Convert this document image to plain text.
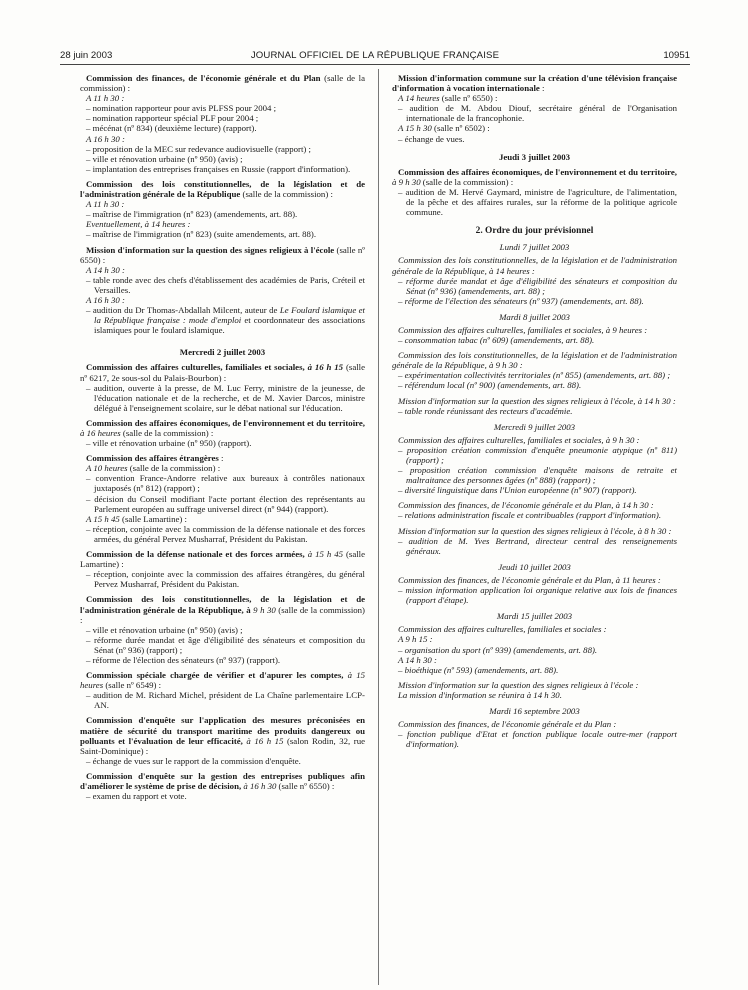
28 juin 2003	JOURNAL OFFICIEL DE LA RÉPUBLIQUE FRANÇAISE	10951
Commission des finances, de l'économie générale et du Plan (salle de la commission) :
A 11 h 30 :
– nomination rapporteur pour avis PLFSS pour 2004 ;
– nomination rapporteur spécial PLF pour 2004 ;
– mécénat (nº 834) (deuxième lecture) (rapport).
A 16 h 30 :
– proposition de la MEC sur redevance audiovisuelle (rapport) ;
– ville et rénovation urbaine (nº 950) (avis) ;
– implantation des entreprises françaises en Russie (rapport d'information).
Commission des lois constitutionnelles, de la législation et de l'administration générale de la République (salle de la commission) :
A 11 h 30 :
– maîtrise de l'immigration (nº 823) (amendements, art. 88).
Eventuellement, à 14 heures :
– maîtrise de l'immigration (nº 823) (suite amendements, art. 88).
Mission d'information sur la question des signes religieux à l'école (salle nº 6550) :
A 14 h 30 :
– table ronde avec des chefs d'établissement des académies de Paris, Créteil et Versailles.
A 16 h 30 :
– audition du Dr Thomas-Abdallah Milcent, auteur de Le Foulard islamique et la République française : mode d'emploi et coordonnateur des associations islamiques pour le foulard islamique.
Mercredi 2 juillet 2003
Commission des affaires culturelles, familiales et sociales, à 16 h 15 (salle nº 6217, 2e sous-sol du Palais-Bourbon) :
– audition, ouverte à la presse, de M. Luc Ferry, ministre de la jeunesse, de l'éducation nationale et de la recherche, et de M. Xavier Darcos, ministre délégué à l'enseignement scolaire, sur le débat national sur l'éducation.
Commission des affaires économiques, de l'environnement et du territoire, à 16 heures (salle de la commission) :
– ville et rénovation urbaine (nº 950) (rapport).
Commission des affaires étrangères :
A 10 heures (salle de la commission) :
– convention France-Andorre relative aux bureaux à contrôles nationaux juxtaposés (nº 812) (rapport) ;
– décision du Conseil modifiant l'acte portant élection des représentants au Parlement européen au suffrage universel direct (nº 944) (rapport).
A 15 h 45 (salle Lamartine) :
– réception, conjointe avec la commission de la défense nationale et des forces armées, du général Pervez Musharraf, Président du Pakistan.
Commission de la défense nationale et des forces armées, à 15 h 45 (salle Lamartine) :
– réception, conjointe avec la commission des affaires étrangères, du général Pervez Musharraf, Président du Pakistan.
Commission des lois constitutionnelles, de la législation et de l'administration générale de la République, à 9 h 30 (salle de la commission) :
– ville et rénovation urbaine (nº 950) (avis) ;
– réforme durée mandat et âge d'éligibilité des sénateurs et composition du Sénat (nº 936) (rapport) ;
– réforme de l'élection des sénateurs (nº 937) (rapport).
Commission spéciale chargée de vérifier et d'apurer les comptes, à 15 heures (salle nº 6549) :
– audition de M. Richard Michel, président de La Chaîne parlementaire LCP-AN.
Commission d'enquête sur l'application des mesures préconisées en matière de sécurité du transport maritime des produits dangereux ou polluants et l'évaluation de leur efficacité, à 16 h 15 (salon Rodin, 32, rue Saint-Dominique) :
– échange de vues sur le rapport de la commission d'enquête.
Commission d'enquête sur la gestion des entreprises publiques afin d'améliorer le système de prise de décision, à 16 h 30 (salle nº 6550) :
– examen du rapport et vote.
Mission d'information commune sur la création d'une télévision française d'information à vocation internationale :
A 14 heures (salle nº 6550) :
– audition de M. Abdou Diouf, secrétaire général de l'Organisation internationale de la francophonie.
A 15 h 30 (salle nº 6502) :
– échange de vues.
Jeudi 3 juillet 2003
Commission des affaires économiques, de l'environnement et du territoire, à 9 h 30 (salle de la commission) :
– audition de M. Hervé Gaymard, ministre de l'agriculture, de l'alimentation, de la pêche et des affaires rurales, sur la réforme de la politique agricole commune.
2. Ordre du jour prévisionnel
Lundi 7 juillet 2003
Commission des lois constitutionnelles, de la législation et de l'administration générale de la République, à 14 heures :
– réforme durée mandat et âge d'éligibilité des sénateurs et composition du Sénat (nº 936) (amendements, art. 88) ;
– réforme de l'élection des sénateurs (nº 937) (amendements, art. 88).
Mardi 8 juillet 2003
Commission des affaires culturelles, familiales et sociales, à 9 heures :
– consommation tabac (nº 609) (amendements, art. 88).
Commission des lois constitutionnelles, de la législation et de l'administration générale de la République, à 9 h 30 :
– expérimentation collectivités territoriales (nº 855) (amendements, art. 88) ;
– référendum local (nº 900) (amendements, art. 88).
Mission d'information sur la question des signes religieux à l'école, à 14 h 30 :
– table ronde réunissant des recteurs d'académie.
Mercredi 9 juillet 2003
Commission des affaires culturelles, familiales et sociales, à 9 h 30 :
– proposition création commission d'enquête pneumonie atypique (nº 811) (rapport) ;
– proposition création commission d'enquête maisons de retraite et maltraitance des personnes âgées (nº 888) (rapport) ;
– diversité linguistique dans l'Union européenne (nº 907) (rapport).
Commission des finances, de l'économie générale et du Plan, à 14 h 30 :
– relations administration fiscale et contribuables (rapport d'information).
Mission d'information sur la question des signes religieux à l'école, à 8 h 30 :
– audition de M. Yves Bertrand, directeur central des renseignements généraux.
Jeudi 10 juillet 2003
Commission des finances, de l'économie générale et du Plan, à 11 heures :
– mission information application loi organique relative aux lois de finances (rapport d'étape).
Mardi 15 juillet 2003
Commission des affaires culturelles, familiales et sociales :
A 9 h 15 :
– organisation du sport (nº 939) (amendements, art. 88).
A 14 h 30 :
– bioéthique (nº 593) (amendements, art. 88).
Mission d'information sur la question des signes religieux à l'école :
La mission d'information se réunira à 14 h 30.
Mardi 16 septembre 2003
Commission des finances, de l'économie générale et du Plan :
– fonction publique d'Etat et fonction publique locale outre-mer (rapport d'information).
